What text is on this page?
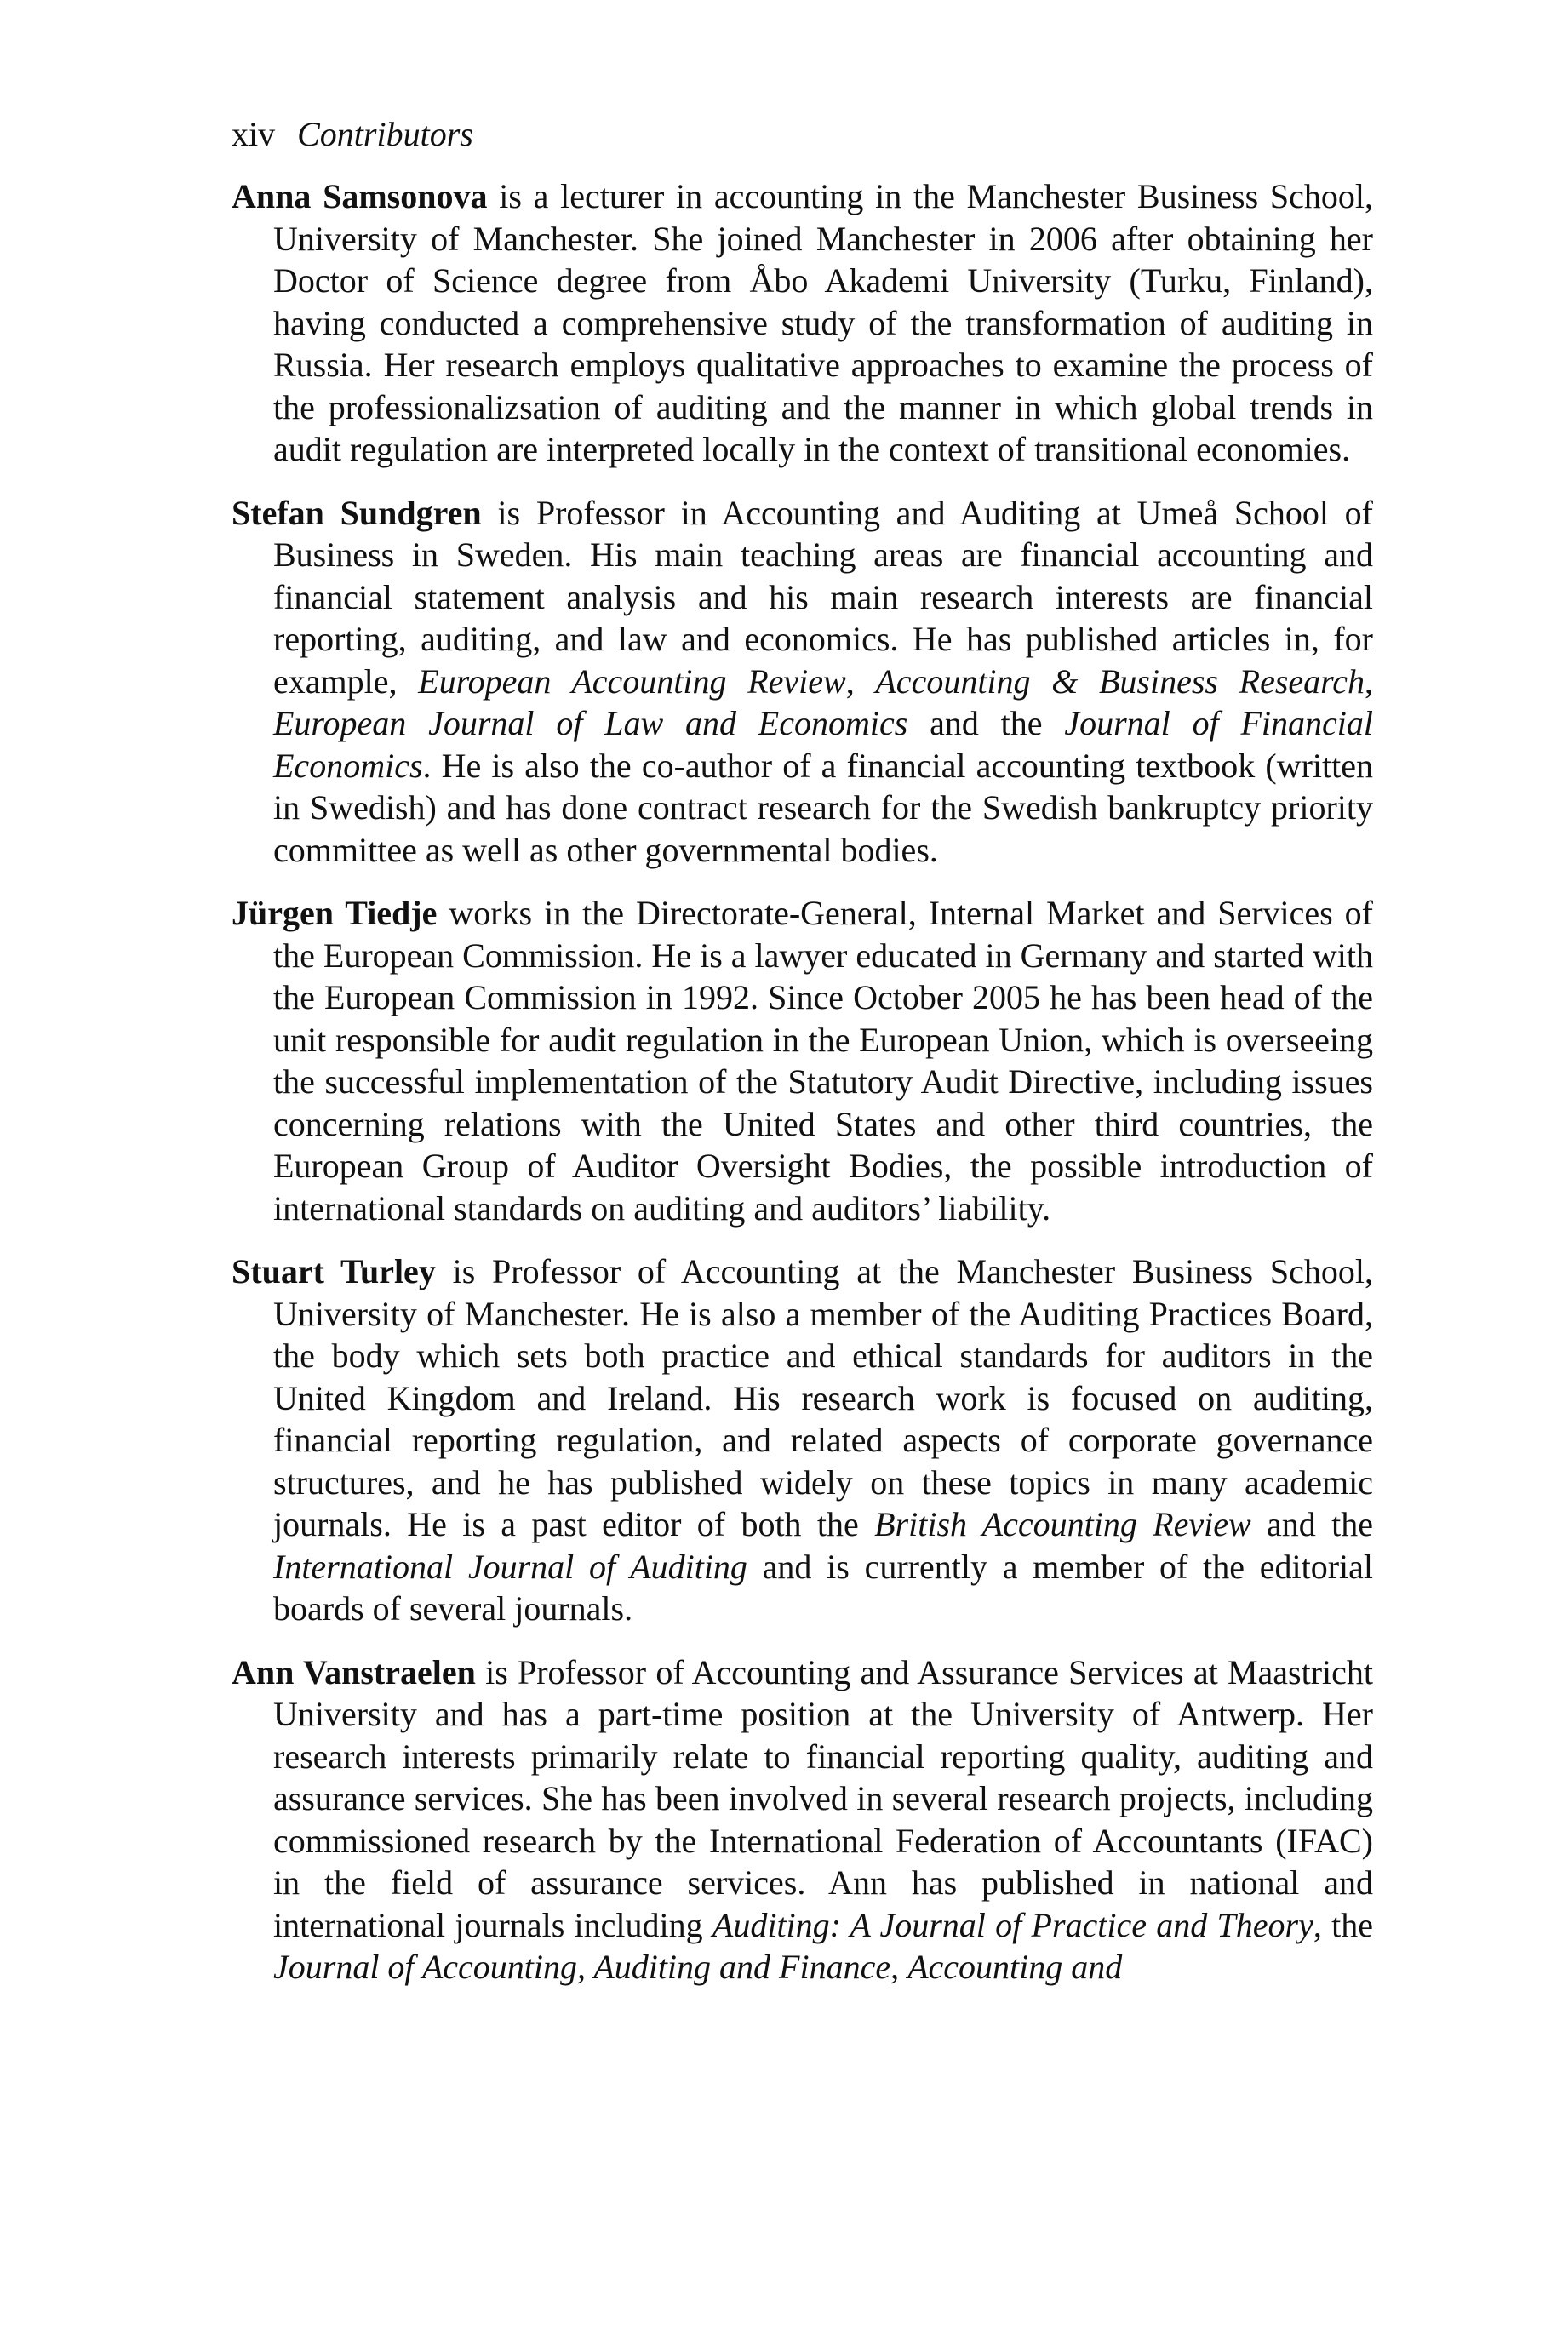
xiv Contributors

Anna Samsonova is a lecturer in accounting in the Manchester Business School, University of Manchester. She joined Manchester in 2006 after obtaining her Doctor of Science degree from Åbo Akademi University (Turku, Finland), having conducted a comprehensive study of the transformation of auditing in Russia. Her research employs qualitative approaches to examine the process of the professionalizsation of auditing and the manner in which global trends in audit regulation are interpreted locally in the context of transitional economies.

Stefan Sundgren is Professor in Accounting and Auditing at Umeå School of Business in Sweden. His main teaching areas are financial accounting and financial statement analysis and his main research interests are financial reporting, auditing, and law and economics. He has published articles in, for example, European Accounting Review, Accounting & Business Research, European Journal of Law and Economics and the Journal of Financial Economics. He is also the co-author of a financial accounting textbook (written in Swedish) and has done contract research for the Swedish bankruptcy priority committee as well as other governmental bodies.

Jürgen Tiedje works in the Directorate-General, Internal Market and Services of the European Commission. He is a lawyer educated in Germany and started with the European Commission in 1992. Since October 2005 he has been head of the unit responsible for audit regulation in the European Union, which is overseeing the successful implementation of the Statutory Audit Directive, including issues concerning relations with the United States and other third countries, the European Group of Auditor Oversight Bodies, the possible introduction of international standards on auditing and auditors’ liability.

Stuart Turley is Professor of Accounting at the Manchester Business School, University of Manchester. He is also a member of the Auditing Practices Board, the body which sets both practice and ethical standards for auditors in the United Kingdom and Ireland. His research work is focused on auditing, financial reporting regulation, and related aspects of corporate governance structures, and he has published widely on these topics in many academic journals. He is a past editor of both the British Accounting Review and the International Journal of Auditing and is currently a member of the editorial boards of several journals.

Ann Vanstraelen is Professor of Accounting and Assurance Services at Maastricht University and has a part-time position at the University of Antwerp. Her research interests primarily relate to financial reporting quality, auditing and assurance services. She has been involved in several research projects, including commissioned research by the International Federation of Accountants (IFAC) in the field of assurance services. Ann has published in national and international journals including Auditing: A Journal of Practice and Theory, the Journal of Accounting, Auditing and Finance, Accounting and
